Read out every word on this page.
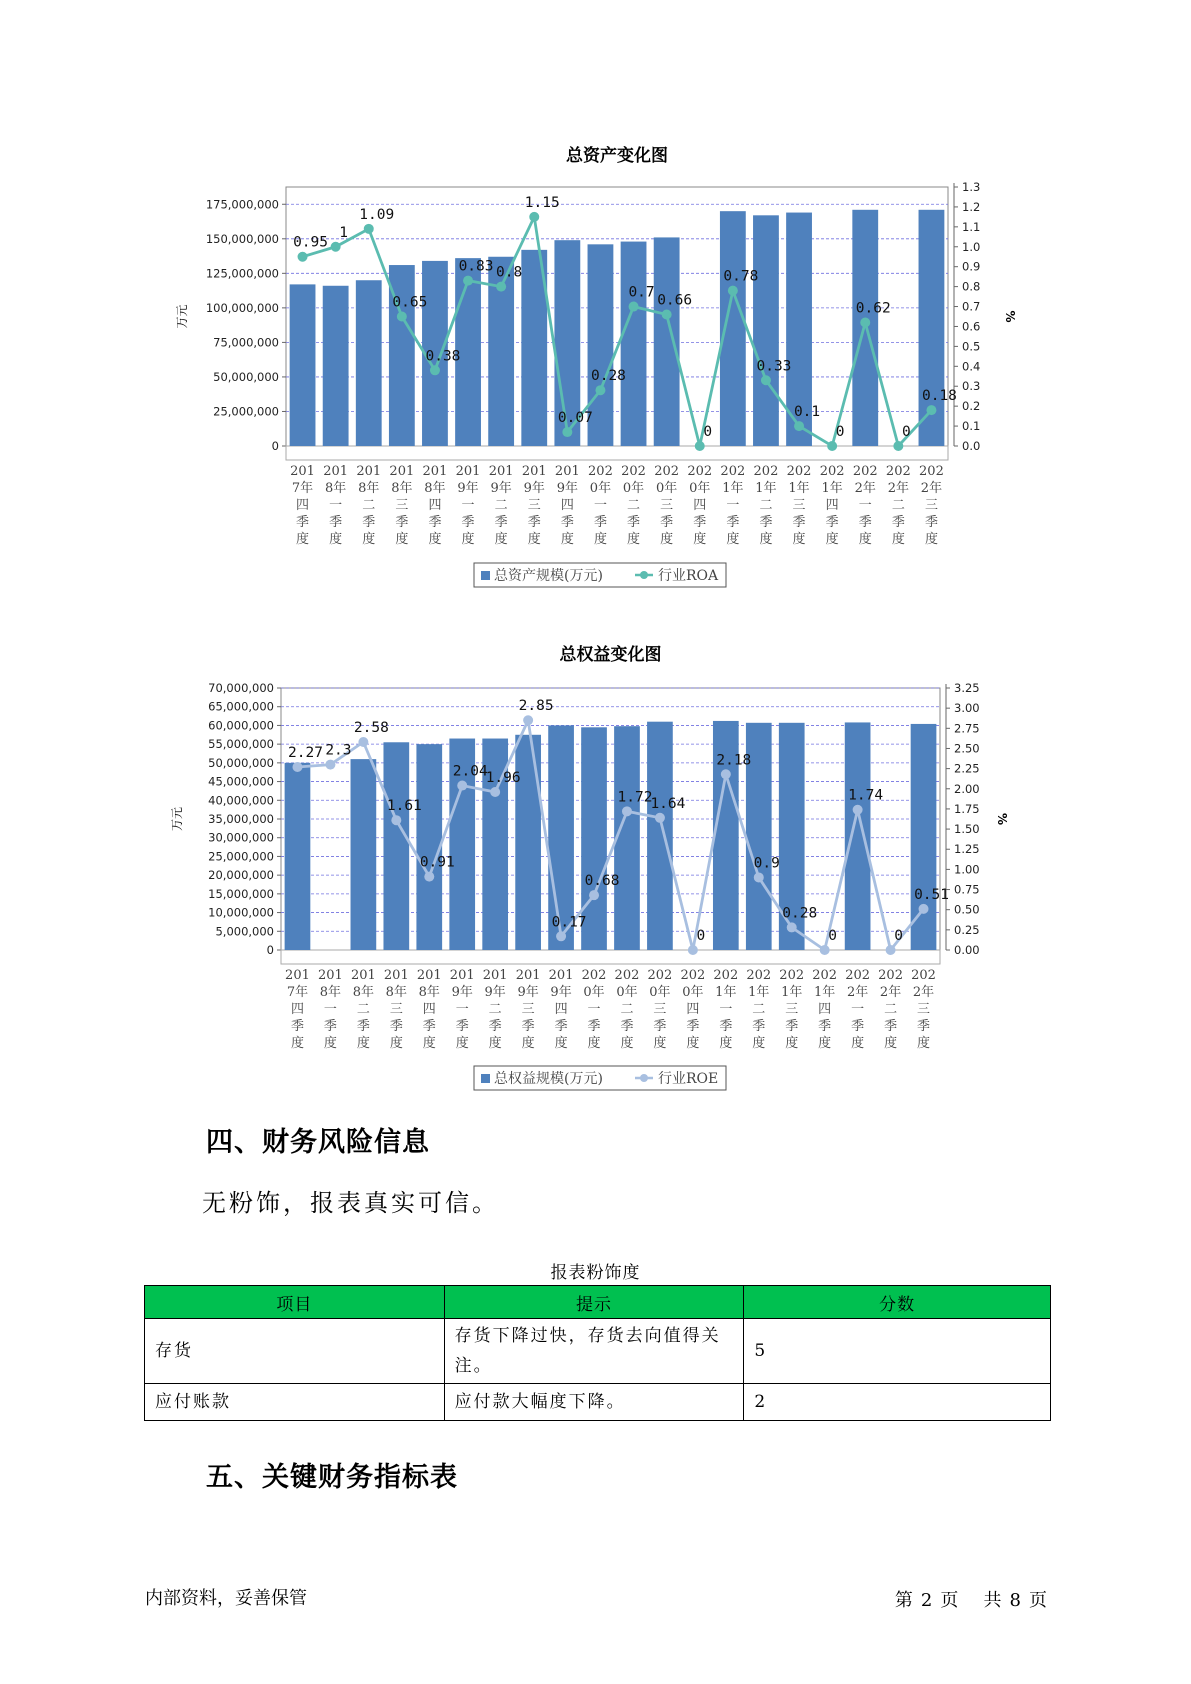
总资产变化图
0
25,000,000
50,000,000
75,000,000
100,000,000
125,000,000
150,000,000
175,000,000
0.0
0.1
0.2
0.3
0.4
0.5
0.6
0.7
0.8
0.9
1.0
1.1
1.2
1.3
万元	%
201
7年
四
季
度
201
8年
一
季
度
201
8年
二
季
度
201
8年
三
季
度
201
8年
四
季
度
201
9年
一
季
度
201
9年
二
季
度
201
9年
三
季
度
201
9年
四
季
度
202
0年
一
季
度
202
0年
二
季
度
202
0年
三
季
度
202
0年
四
季
度
202
1年
一
季
度
202
1年
二
季
度
202
1年
三
季
度
202
1年
四
季
度
202
2年
一
季
度
202
2年
二
季
度
202
2年
三
季
度
0.95
1
1.09
0.65
0.38
0.83 0.8
1.15
0.07
0.28
0.7 0.66
0
0.78
0.33
0.1
0
0.62
0
0.18
总资产规模(万元)	行业ROA
总权益变化图
0
5,000,000
10,000,000
15,000,000
20,000,000
25,000,000
30,000,000
35,000,000
40,000,000
45,000,000
50,000,000
55,000,000
60,000,000
65,000,000
70,000,000
0.00
0.25
0.50
0.75
1.00
1.25
1.50
1.75
2.00
2.25
2.50
2.75
3.00
3.25
万元	%
201
7年
四
季
度
201
8年
一
季
度
201
8年
二
季
度
201
8年
三
季
度
201
8年
四
季
度
201
9年
一
季
度
201
9年
二
季
度
201
9年
三
季
度
201
9年
四
季
度
202
0年
一
季
度
202
0年
二
季
度
202
0年
三
季
度
202
0年
四
季
度
202
1年
一
季
度
202
1年
二
季
度
202
1年
三
季
度
202
1年
四
季
度
202
2年
一
季
度
202
2年
二
季
度
202
2年
三
季
度
2.27 2.3
2.58
1.61
0.91
2.04
1.96
2.85
0.17
0.68
1.72
1.64
0
2.18
0.9
0.28
0
1.74
0
0.51
总权益规模(万元)	行业ROE
四、财务风险信息
无粉饰，报表真实可信。
报表粉饰度
项目	提示	分数
存货	存货下降过快，存货去向值得关注。	5
应付账款	应付款大幅度下降。	2
五、关键财务指标表
内部资料，妥善保管	第 2 页 共 8 页
